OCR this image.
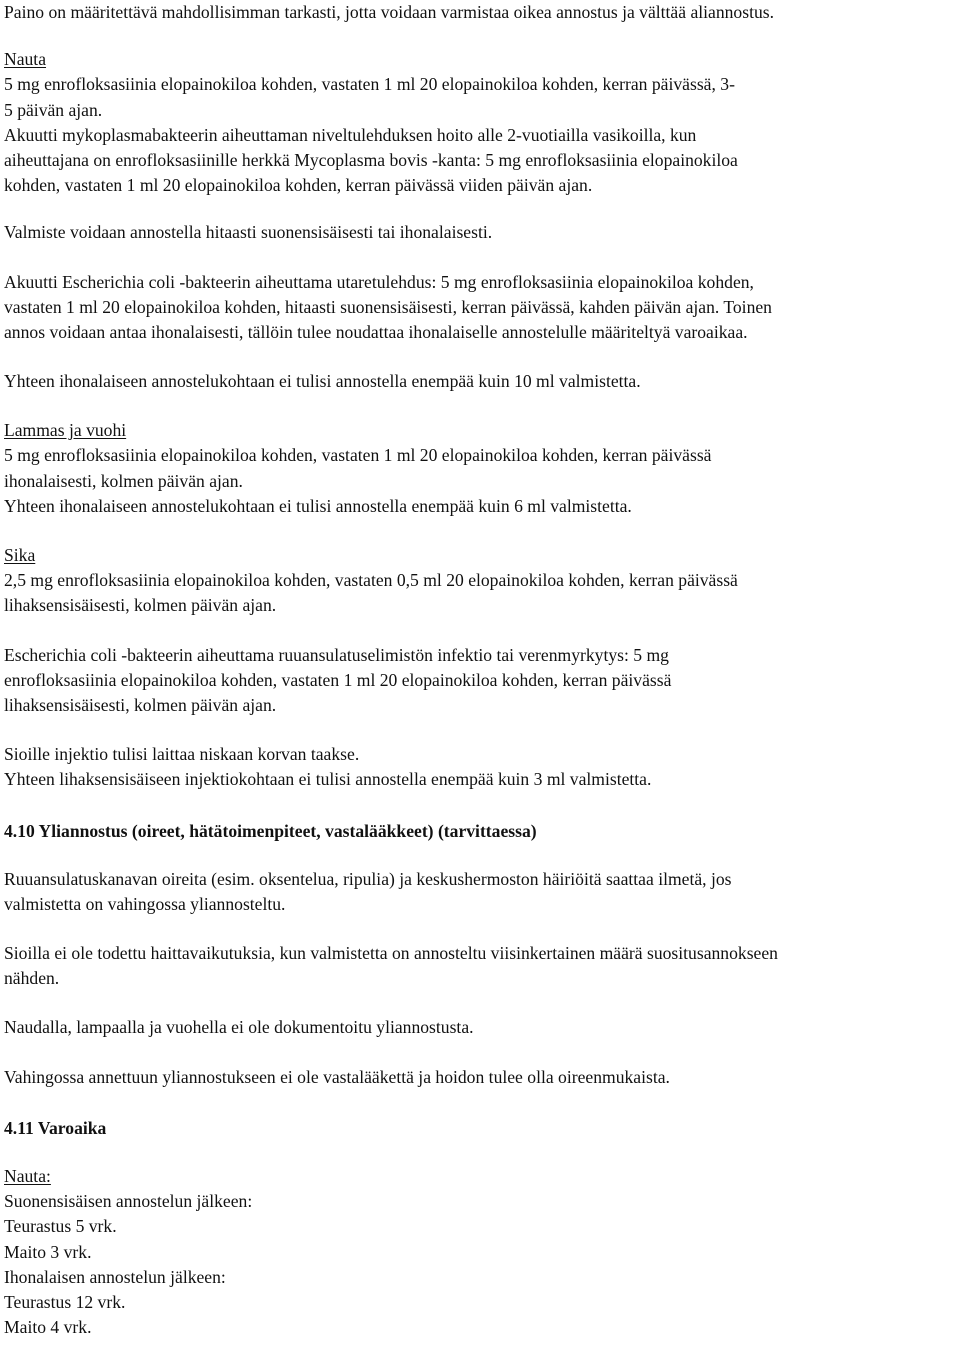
Paino on määritettävä mahdollisimman tarkasti, jotta voidaan varmistaa oikea annostus ja välttää aliannostus.
Nauta
5 mg enrofloksasiinia elopainokiloa kohden, vastaten 1 ml 20 elopainokiloa kohden, kerran päivässä, 3-
5 päivän ajan.
Akuutti mykoplasmabakteerin aiheuttaman niveltulehduksen hoito alle 2-vuotiailla vasikoilla, kun
aiheuttajana on enrofloksasiinille herkkä Mycoplasma bovis -kanta: 5 mg enrofloksasiinia elopainokiloa
kohden, vastaten 1 ml 20 elopainokiloa kohden, kerran päivässä viiden päivän ajan.
Valmiste voidaan annostella hitaasti suonensisäisesti tai ihonalaisesti.
Akuutti Escherichia coli -bakteerin aiheuttama utaretulehdus: 5 mg enrofloksasiinia elopainokiloa kohden,
vastaten 1 ml 20 elopainokiloa kohden, hitaasti suonensisäisesti, kerran päivässä, kahden päivän ajan. Toinen
annos voidaan antaa ihonalaisesti, tällöin tulee noudattaa ihonalaiselle annostelulle määriteltyä varoaikaa.
Yhteen ihonalaiseen annostelukohtaan ei tulisi annostella enempää kuin 10 ml valmistetta.
Lammas ja vuohi
5 mg enrofloksasiinia elopainokiloa kohden, vastaten 1 ml 20 elopainokiloa kohden, kerran päivässä
ihonalaisesti, kolmen päivän ajan.
Yhteen ihonalaiseen annostelukohtaan ei tulisi annostella enempää kuin 6 ml valmistetta.
Sika
2,5 mg enrofloksasiinia elopainokiloa kohden, vastaten 0,5 ml 20 elopainokiloa kohden, kerran päivässä
lihaksensisäisesti, kolmen päivän ajan.
Escherichia coli -bakteerin aiheuttama ruuansulatuselimistön infektio tai verenmyrkytys: 5 mg
enrofloksasiinia elopainokiloa kohden, vastaten 1 ml 20 elopainokiloa kohden, kerran päivässä
lihaksensisäisesti, kolmen päivän ajan.
Sioille injektio tulisi laittaa niskaan korvan taakse.
Yhteen lihaksensisäiseen injektiokohtaan ei tulisi annostella enempää kuin 3 ml valmistetta.
4.10 Yliannostus (oireet, hätätoimenpiteet, vastalääkkeet) (tarvittaessa)
Ruuansulatuskanavan oireita (esim. oksentelua, ripulia) ja keskushermoston häiriöitä saattaa ilmetä, jos
valmistetta on vahingossa yliannosteltu.
Sioilla ei ole todettu haittavaikutuksia, kun valmistetta on annosteltu viisinkertainen määrä suositusannokseen
nähden.
Naudalla, lampaalla ja vuohella ei ole dokumentoitu yliannostusta.
Vahingossa annettuun yliannostukseen ei ole vastalääkettä ja hoidon tulee olla oireenmukaista.
4.11 Varoaika
Nauta:
Suonensisäisen annostelun jälkeen:
Teurastus 5 vrk.
Maito 3 vrk.
Ihonalaisen annostelun jälkeen:
Teurastus 12 vrk.
Maito 4 vrk.
